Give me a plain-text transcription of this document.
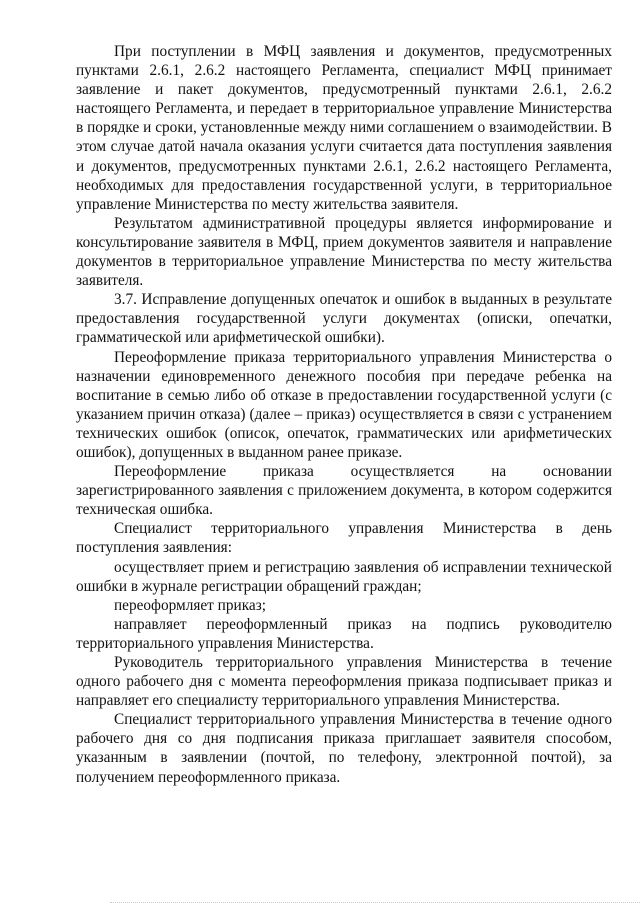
При поступлении в МФЦ заявления и документов, предусмотренных пунктами 2.6.1, 2.6.2 настоящего Регламента, специалист МФЦ принимает заявление и пакет документов, предусмотренный пунктами 2.6.1, 2.6.2 настоящего Регламента, и передает в территориальное управление Министерства в порядке и сроки, установленные между ними соглашением о взаимодействии. В этом случае датой начала оказания услуги считается дата поступления заявления и документов, предусмотренных пунктами 2.6.1, 2.6.2 настоящего Регламента, необходимых для предоставления государственной услуги, в территориальное управление Министерства по месту жительства заявителя.

Результатом административной процедуры является информирование и консультирование заявителя в МФЦ, прием документов заявителя и направление документов в территориальное управление Министерства по месту жительства заявителя.

3.7. Исправление допущенных опечаток и ошибок в выданных в результате предоставления государственной услуги документах (описки, опечатки, грамматической или арифметической ошибки).

Переоформление приказа территориального управления Министерства о назначении единовременного денежного пособия при передаче ребенка на воспитание в семью либо об отказе в предоставлении государственной услуги (с указанием причин отказа) (далее – приказ) осуществляется в связи с устранением технических ошибок (описок, опечаток, грамматических или арифметических ошибок), допущенных в выданном ранее приказе.

Переоформление приказа осуществляется на основании зарегистрированного заявления с приложением документа, в котором содержится техническая ошибка.

Специалист территориального управления Министерства в день поступления заявления:

осуществляет прием и регистрацию заявления об исправлении технической ошибки в журнале регистрации обращений граждан;

переоформляет приказ;

направляет переоформленный приказ на подпись руководителю территориального управления Министерства.

Руководитель территориального управления Министерства в течение одного рабочего дня с момента переоформления приказа подписывает приказ и направляет его специалисту территориального управления Министерства.

Специалист территориального управления Министерства в течение одного рабочего дня со дня подписания приказа приглашает заявителя способом, указанным в заявлении (почтой, по телефону, электронной почтой), за получением переоформленного приказа.
